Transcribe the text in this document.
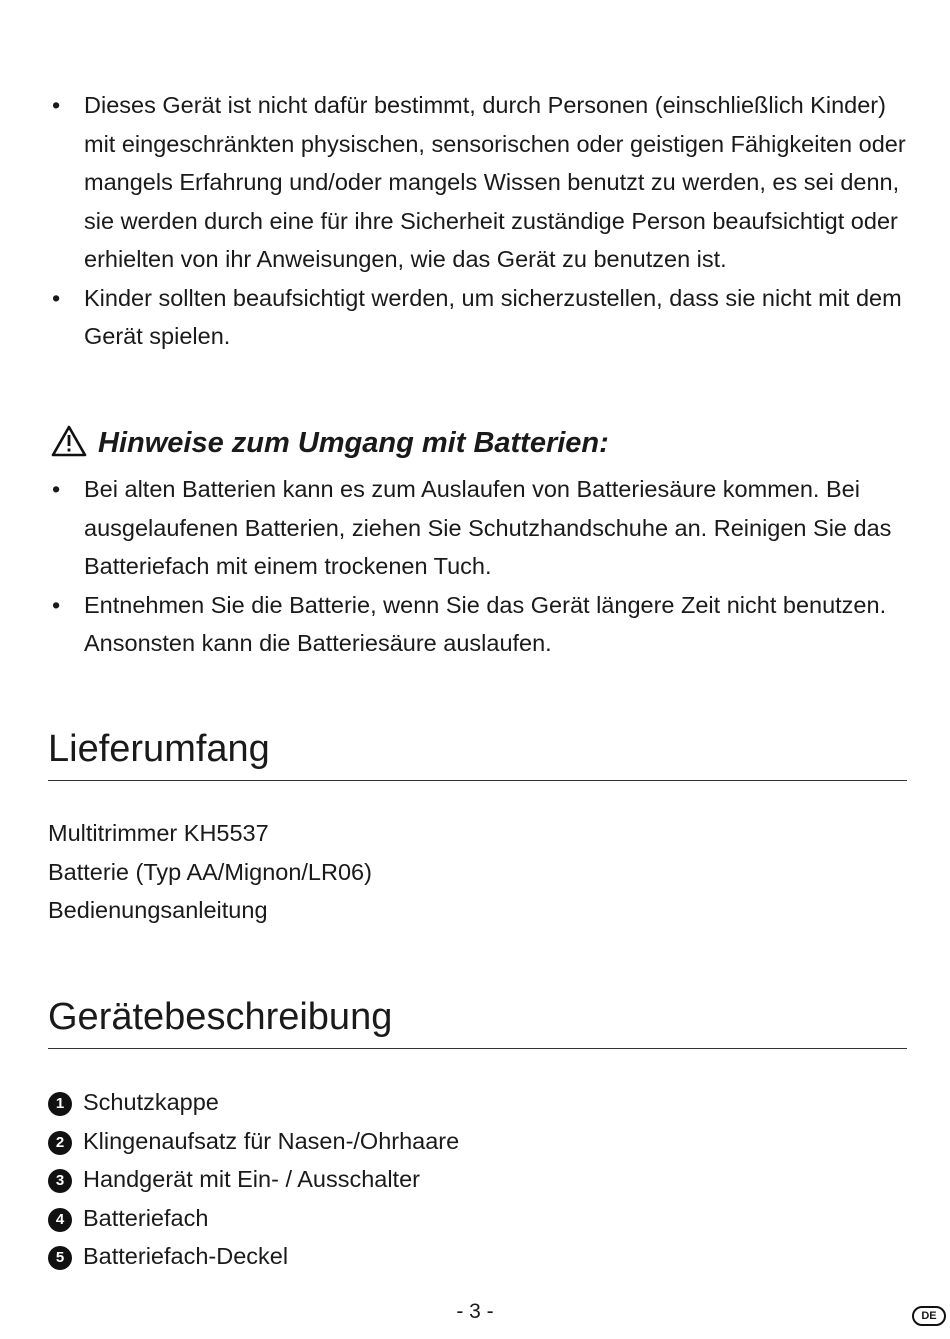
• Dieses Gerät ist nicht dafür bestimmt, durch Personen (einschließlich Kinder) mit eingeschränkten physischen, sensorischen oder geistigen Fähigkeiten oder mangels Erfahrung und/oder mangels Wissen benutzt zu werden, es sei denn, sie werden durch eine für ihre Sicherheit zuständige Person beaufsichtigt oder erhielten von ihr Anweisungen, wie das Gerät zu benutzen ist.
• Kinder sollten beaufsichtigt werden, um sicherzustellen, dass sie nicht mit dem Gerät spielen.
Hinweise zum Umgang mit Batterien:
• Bei alten Batterien kann es zum Auslaufen von Batteriesäure kommen. Bei ausgelaufenen Batterien, ziehen Sie Schutzhandschuhe an. Reinigen Sie das Batteriefach mit einem trockenen Tuch.
• Entnehmen Sie die Batterie, wenn Sie das Gerät längere Zeit nicht benutzen. Ansonsten kann die Batteriesäure auslaufen.
Lieferumfang
Multitrimmer KH5537
Batterie (Typ AA/Mignon/LR06)
Bedienungsanleitung
Gerätebeschreibung
1 Schutzkappe
2 Klingenaufsatz für Nasen-/Ohrhaare
3 Handgerät mit Ein- / Ausschalter
4 Batteriefach
5 Batteriefach-Deckel
- 3 -	DE
